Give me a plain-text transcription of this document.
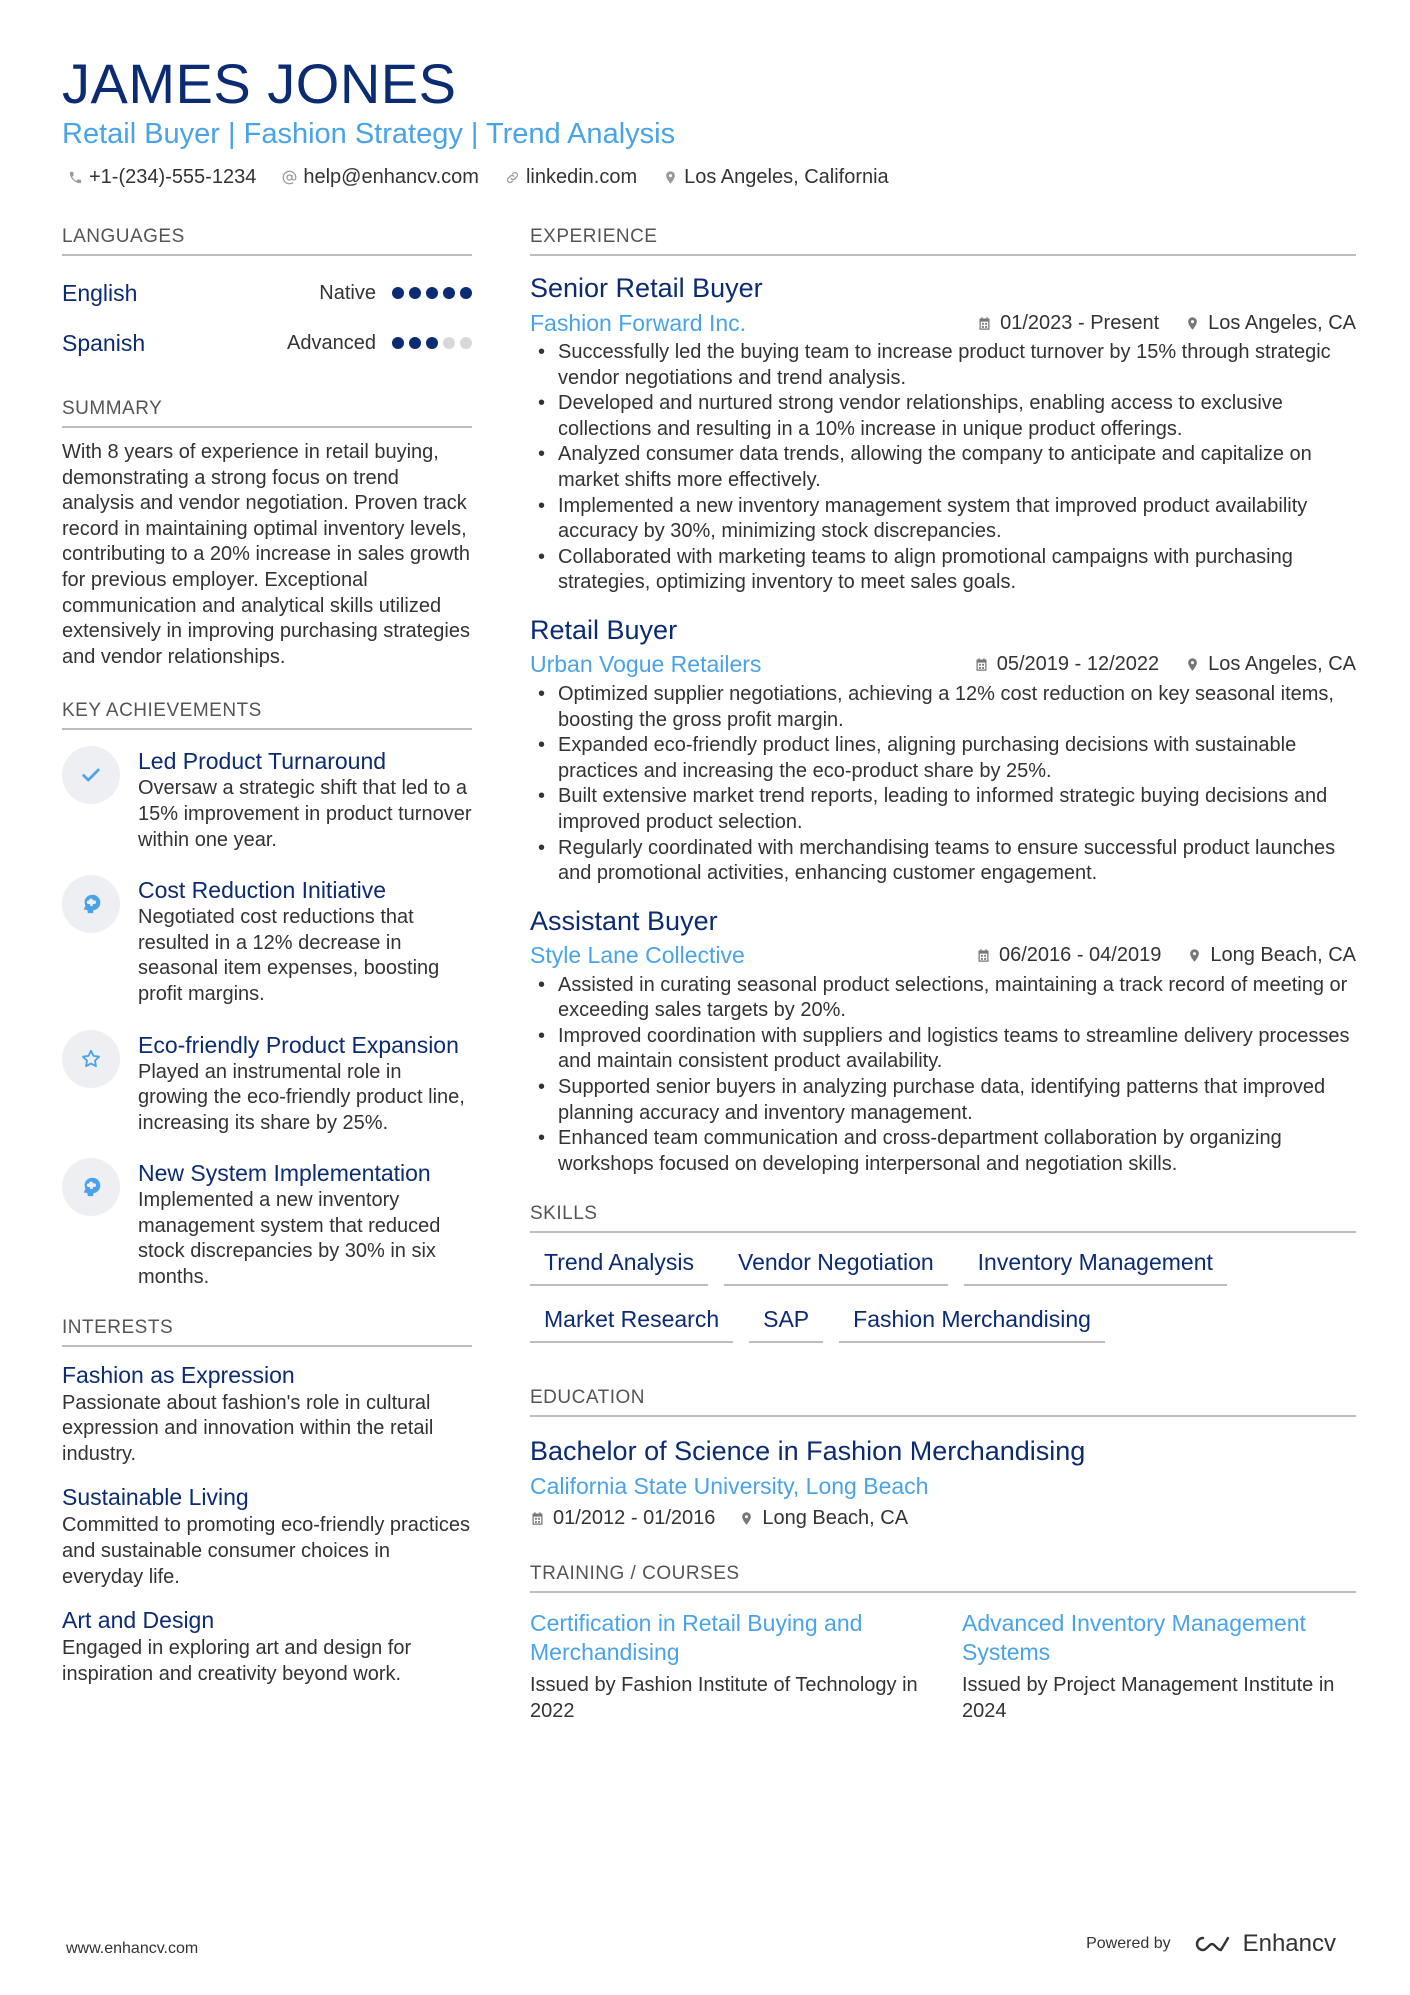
JAMES JONES
Retail Buyer | Fashion Strategy | Trend Analysis
+1-(234)-555-1234 help@enhancv.com linkedin.com Los Angeles, California
LANGUAGES
English	Native
Spanish	Advanced
SUMMARY
With 8 years of experience in retail buying, demonstrating a strong focus on trend analysis and vendor negotiation. Proven track record in maintaining optimal inventory levels, contributing to a 20% increase in sales growth for previous employer. Exceptional communication and analytical skills utilized extensively in improving purchasing strategies and vendor relationships.
KEY ACHIEVEMENTS
Led Product Turnaround
Oversaw a strategic shift that led to a 15% improvement in product turnover within one year.
Cost Reduction Initiative
Negotiated cost reductions that resulted in a 12% decrease in seasonal item expenses, boosting profit margins.
Eco-friendly Product Expansion
Played an instrumental role in growing the eco-friendly product line, increasing its share by 25%.
New System Implementation
Implemented a new inventory management system that reduced stock discrepancies by 30% in six months.
INTERESTS
Fashion as Expression
Passionate about fashion's role in cultural expression and innovation within the retail industry.
Sustainable Living
Committed to promoting eco-friendly practices and sustainable consumer choices in everyday life.
Art and Design
Engaged in exploring art and design for inspiration and creativity beyond work.
EXPERIENCE
Senior Retail Buyer
Fashion Forward Inc.	01/2023 - Present Los Angeles, CA
• Successfully led the buying team to increase product turnover by 15% through strategic vendor negotiations and trend analysis.
• Developed and nurtured strong vendor relationships, enabling access to exclusive collections and resulting in a 10% increase in unique product offerings.
• Analyzed consumer data trends, allowing the company to anticipate and capitalize on market shifts more effectively.
• Implemented a new inventory management system that improved product availability accuracy by 30%, minimizing stock discrepancies.
• Collaborated with marketing teams to align promotional campaigns with purchasing strategies, optimizing inventory to meet sales goals.
Retail Buyer
Urban Vogue Retailers	05/2019 - 12/2022 Los Angeles, CA
• Optimized supplier negotiations, achieving a 12% cost reduction on key seasonal items, boosting the gross profit margin.
• Expanded eco-friendly product lines, aligning purchasing decisions with sustainable practices and increasing the eco-product share by 25%.
• Built extensive market trend reports, leading to informed strategic buying decisions and improved product selection.
• Regularly coordinated with merchandising teams to ensure successful product launches and promotional activities, enhancing customer engagement.
Assistant Buyer
Style Lane Collective	06/2016 - 04/2019 Long Beach, CA
• Assisted in curating seasonal product selections, maintaining a track record of meeting or exceeding sales targets by 20%.
• Improved coordination with suppliers and logistics teams to streamline delivery processes and maintain consistent product availability.
• Supported senior buyers in analyzing purchase data, identifying patterns that improved planning accuracy and inventory management.
• Enhanced team communication and cross-department collaboration by organizing workshops focused on developing interpersonal and negotiation skills.
SKILLS
Trend Analysis	Vendor Negotiation	Inventory Management
Market Research	SAP	Fashion Merchandising
EDUCATION
Bachelor of Science in Fashion Merchandising
California State University, Long Beach
01/2012 - 01/2016 Long Beach, CA
TRAINING / COURSES
Certification in Retail Buying and Merchandising
Issued by Fashion Institute of Technology in 2022
Advanced Inventory Management Systems
Issued by Project Management Institute in 2024
www.enhancv.com	Powered by	Enhancv
